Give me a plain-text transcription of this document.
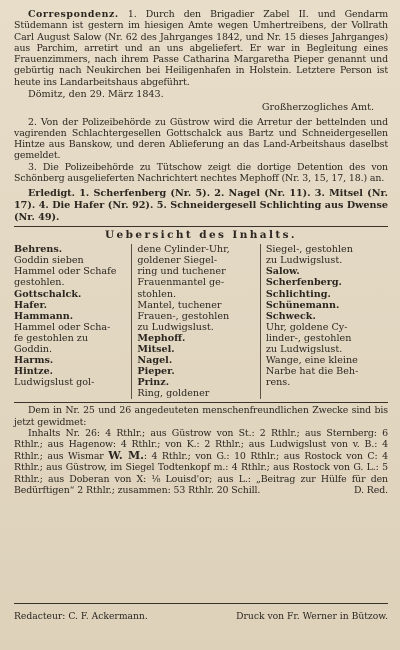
Correspondenz. 1. Durch den Brigadier Zabel II. und Gendarm Stüdemann ist gestern im hiesigen Amte wegen Umhertreibens, der Vollrath Carl August Salow (Nr. 62 des Jahrganges 1842, und Nr. 15 dieses Jahrganges) aus Parchim, arretirt und an uns abgeliefert. Er war in Begleitung eines Frauenzimmers, nach ihrem Passe Catharina Margaretha Pieper genannt und gebürtig nach Neukirchen bei Heiligenhafen in Holstein. Letztere Person ist heute ins Landarbeitshaus abgeführt.

Dömitz, den 29. März 1843.
Großherzogliches Amt.

2. Von der Polizeibehörde zu Güstrow wird die Arretur der bettelnden und vagirenden Schlachtergesellen Gottschalck aus Bartz und Schneidergesellen Hintze aus Banskow, und deren Ablieferung an das Land-Arbeitshaus daselbst gemeldet.

3. Die Polizeibehörde zu Tütschow zeigt die dortige Detention des von Schönberg ausgelieferten Nachrichtert nechtes Mephoff (Nr. 3, 15, 17, 18.) an.

Erledigt. 1. Scherfenberg (Nr. 5). 2. Nagel (Nr. 11). 3. Mitsel (Nr. 17). 4. Die Hafer (Nr. 92). 5. Schneidergesell Schlichting aus Dwense (Nr. 49).

Uebersicht des Inhalts.
Behrens.
Goddin sieben
Hammel oder Schafe
gestohlen.
Gottschalck.
Hafer.
Hammann.
Hammel oder Scha-
fe gestohlen zu
Goddin.
Harms.
Hintze.
Ludwigslust gol-
dene Cylinder-Uhr,
goldener Siegel-
ring und tuchener
Frauenmantel ge-
stohlen.
Mantel, tuchener
Frauen-, gestohlen
zu Ludwigslust.
Mephoff.
Mitsel.
Nagel.
Pieper.
Prinz.
Ring, goldener
Siegel-, gestohlen
zu Ludwigslust.
Salow.
Scherfenberg.
Schlichting.
Schünemann.
Schweck.
Uhr, goldene Cy-
linder-, gestohlen
zu Ludwigslust.
Wange, eine kleine
Narbe hat die Beh-
rens.

Dem in Nr. 25 und 26 angedeuteten menschenfreundlichen Zwecke sind bis jetzt gewidmet:

Inhalts Nr. 26: 4 Rthlr.; aus Güstrow von St.: 2 Rthlr.; aus Sternberg: 6 Rthlr.; aus Hagenow: 4 Rthlr.; von K.: 2 Rthlr.; aus Ludwigslust von v. B.: 4 Rthlr.; aus Wismar W. M.: 4 Rthlr.; von G.: 10 Rthlr.; aus Rostock von C: 4 Rthlr.; aus Güstrow, im Siegel Todtenkopf m.: 4 Rthlr.; aus Rostock von G. L.: 5 Rthlr.; aus Doberan von X: ⅛ Louisd'or; aus L.: „Beitrag zur Hülfe für den Bedürftigen“ 2 Rthlr.; zusammen: 53 Rthlr. 20 Schill.	D. Red.

Redacteur: C. F. Ackermann.	Druck von Fr. Werner in Bützow.
